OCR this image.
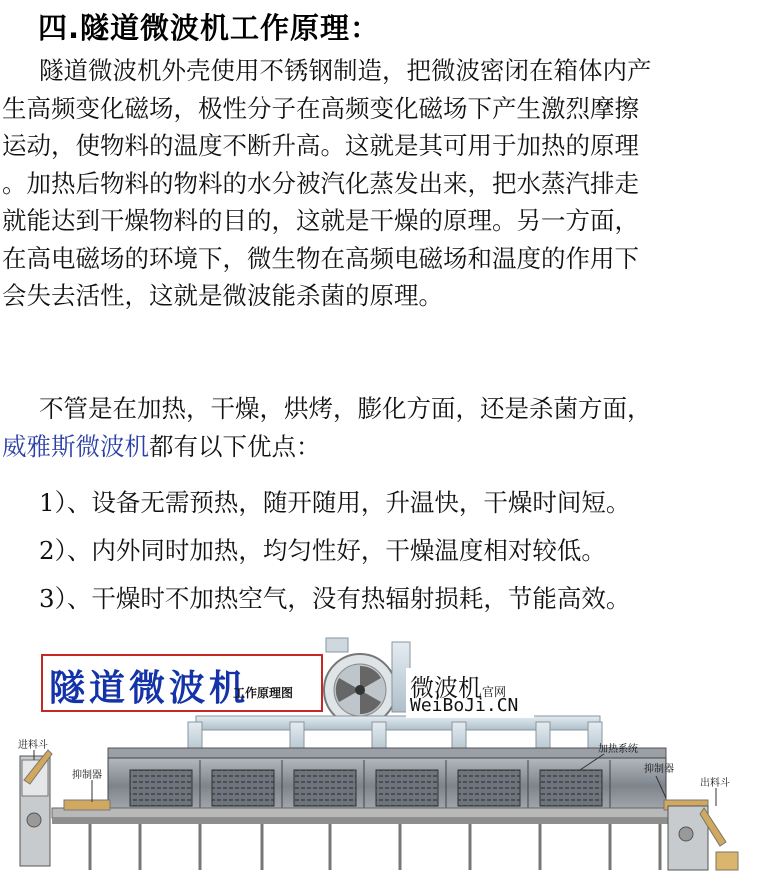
四.隧道微波机工作原理：
隧道微波机外壳使用不锈钢制造，把微波密闭在箱体内产
生高频变化磁场，极性分子在高频变化磁场下产生激烈摩擦
运动，使物料的温度不断升高。这就是其可用于加热的原理
。加热后物料的物料的水分被汽化蒸发出来，把水蒸汽排走
就能达到干燥物料的目的，这就是干燥的原理。另一方面，
在高电磁场的环境下，微生物在高频电磁场和温度的作用下
会失去活性，这就是微波能杀菌的原理。
不管是在加热，干燥，烘烤，膨化方面，还是杀菌方面，
威雅斯微波机都有以下优点：
1）、设备无需预热，随开随用，升温快，干燥时间短。
2）、内外同时加热，均匀性好，干燥温度相对较低。
3）、干燥时不加热空气，没有热辐射损耗，节能高效。
隧道微波机
工作原理图	微波机官网
WeiBoJi.CN
进料斗
抑制器
加热系统
抑制器
出料斗
